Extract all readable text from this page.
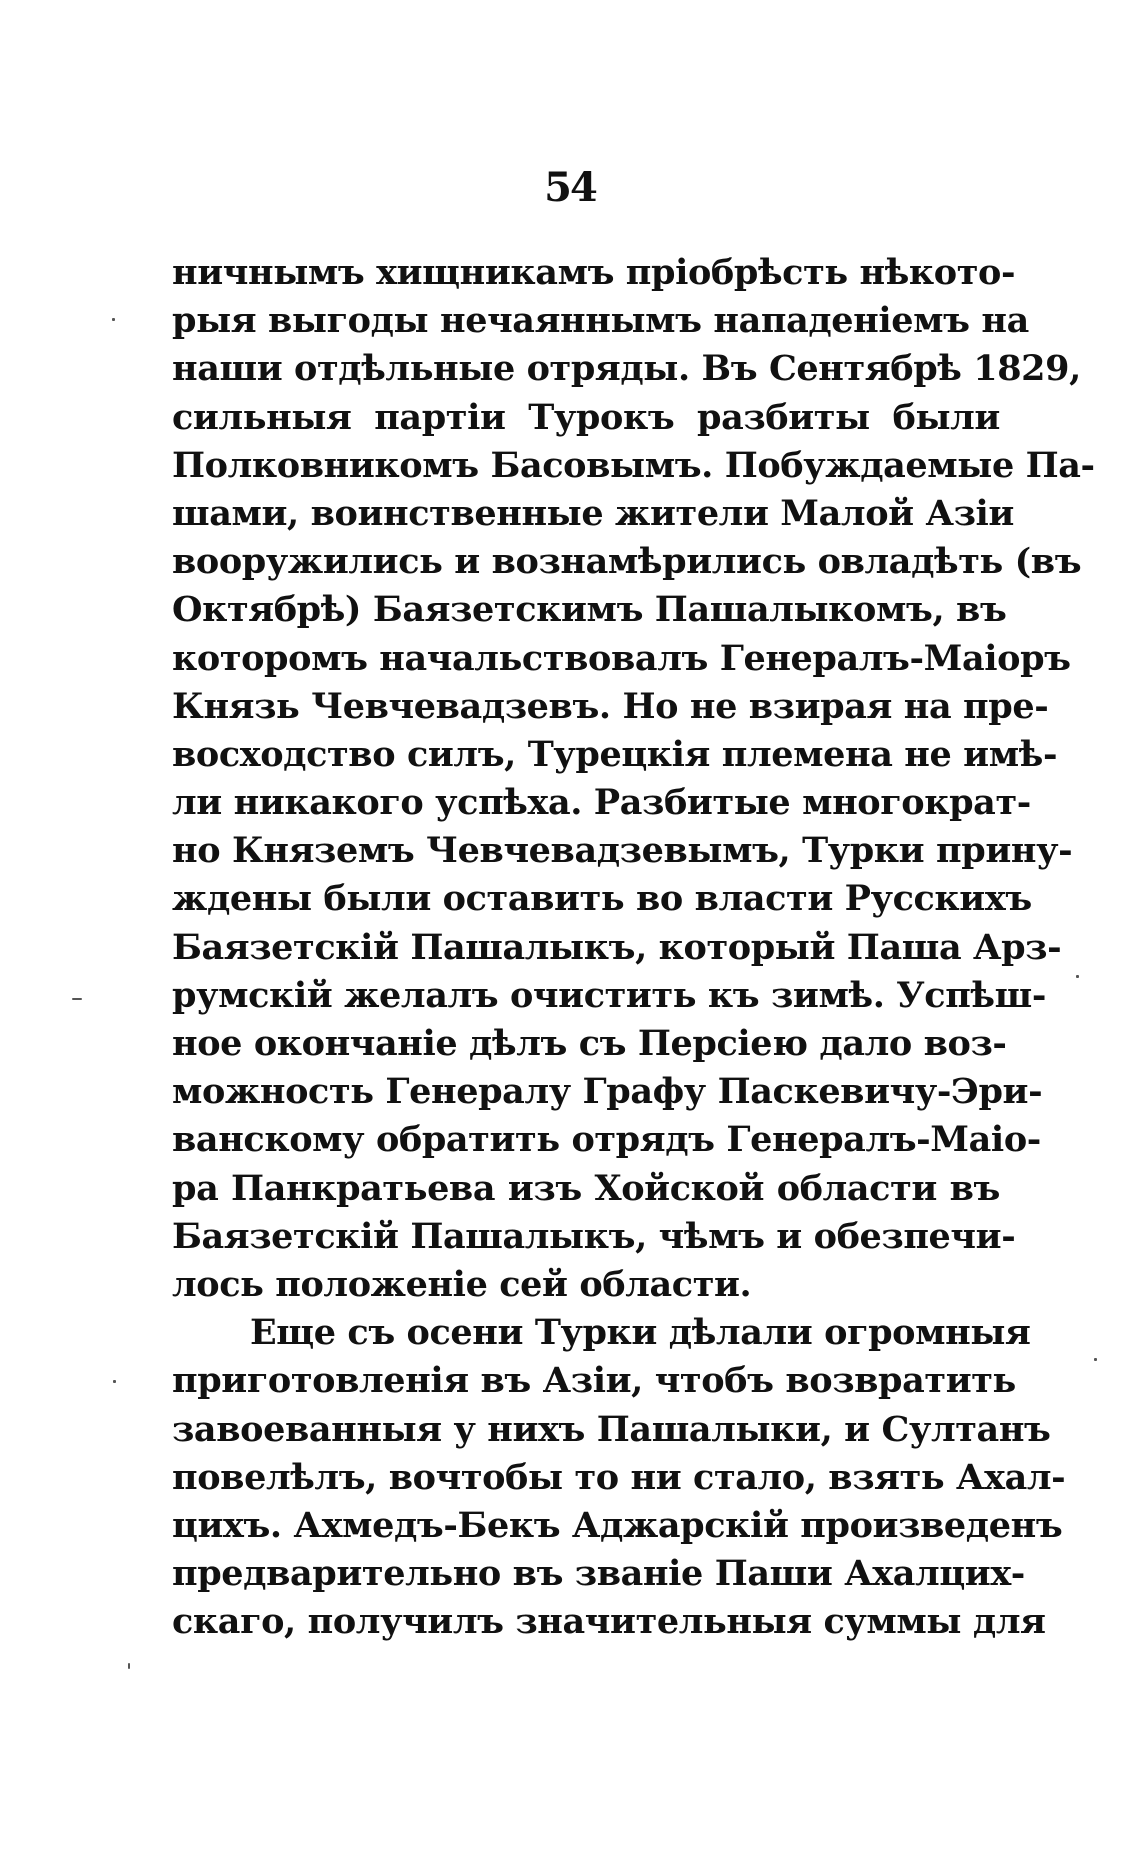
54
ничнымъ хищникамъ прiобрѣсть нѣкото-
рыя выгоды нечаяннымъ нападенiемъ на
наши отдѣльные отряды. Въ Сентябрѣ 1829,
сильныя партiи Турокъ разбиты были
Полковникомъ Басовымъ. Побуждаемые Па-
шами, воинственные жители Малой Азiи
вооружились и вознамѣрились овладѣть (въ
Октябрѣ) Баязетскимъ Пашалыкомъ, въ
которомъ начальствовалъ Генералъ-Маiоръ
Князь Чевчевадзевъ. Но не взирая на пре-
восходство силъ, Турецкiя племена не имѣ-
ли никакого успѣха. Разбитые многократ-
но Княземъ Чевчевадзевымъ, Турки прину-
ждены были оставить во власти Русскихъ
Баязетскiй Пашалыкъ, который Паша Арз-
румскiй желалъ очистить къ зимѣ. Успѣш-
ное окончанiе дѣлъ съ Персiею дало воз-
можность Генералу Графу Паскевичу-Эри-
ванскому обратить отрядъ Генералъ-Маiо-
ра Панкратьева изъ Хойской области въ
Баязетскiй Пашалыкъ, чѣмъ и обезпечи-
лось положенiе сей области.
Еще съ осени Турки дѣлали огромныя
приготовленiя въ Азiи, чтобъ возвратить
завоеванныя у нихъ Пашалыки, и Султанъ
повелѣлъ, вочтобы то ни стало, взять Ахал-
цихъ. Ахмедъ-Бекъ Аджарскiй произведенъ
предварительно въ званiе Паши Ахалцих-
скаго, получилъ значительныя суммы для
